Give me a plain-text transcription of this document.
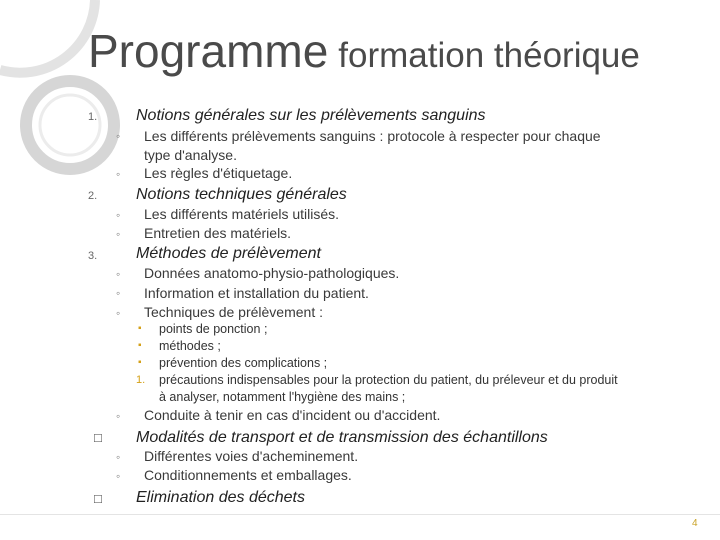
Programme formation théorique
1. Notions générales sur les prélèvements sanguins
◦ Les différents prélèvements sanguins : protocole à respecter pour chaque
type d'analyse.
◦ Les règles d'étiquetage.
2. Notions techniques générales
◦ Les différents matériels utilisés.
◦ Entretien des matériels.
3. Méthodes de prélèvement
◦ Données anatomo-physio-pathologiques.
◦ Information et installation du patient.
◦ Techniques de prélèvement :
▪ points de ponction ;
▪ méthodes ;
▪ prévention des complications ;
1. précautions indispensables pour la protection du patient, du préleveur et du produit
à analyser, notamment l'hygiène des mains ;
◦ Conduite à tenir en cas d'incident ou d'accident.
□ Modalités de transport et de transmission des échantillons
◦ Différentes voies d'acheminement.
◦ Conditionnements et emballages.
□ Elimination des déchets
4
